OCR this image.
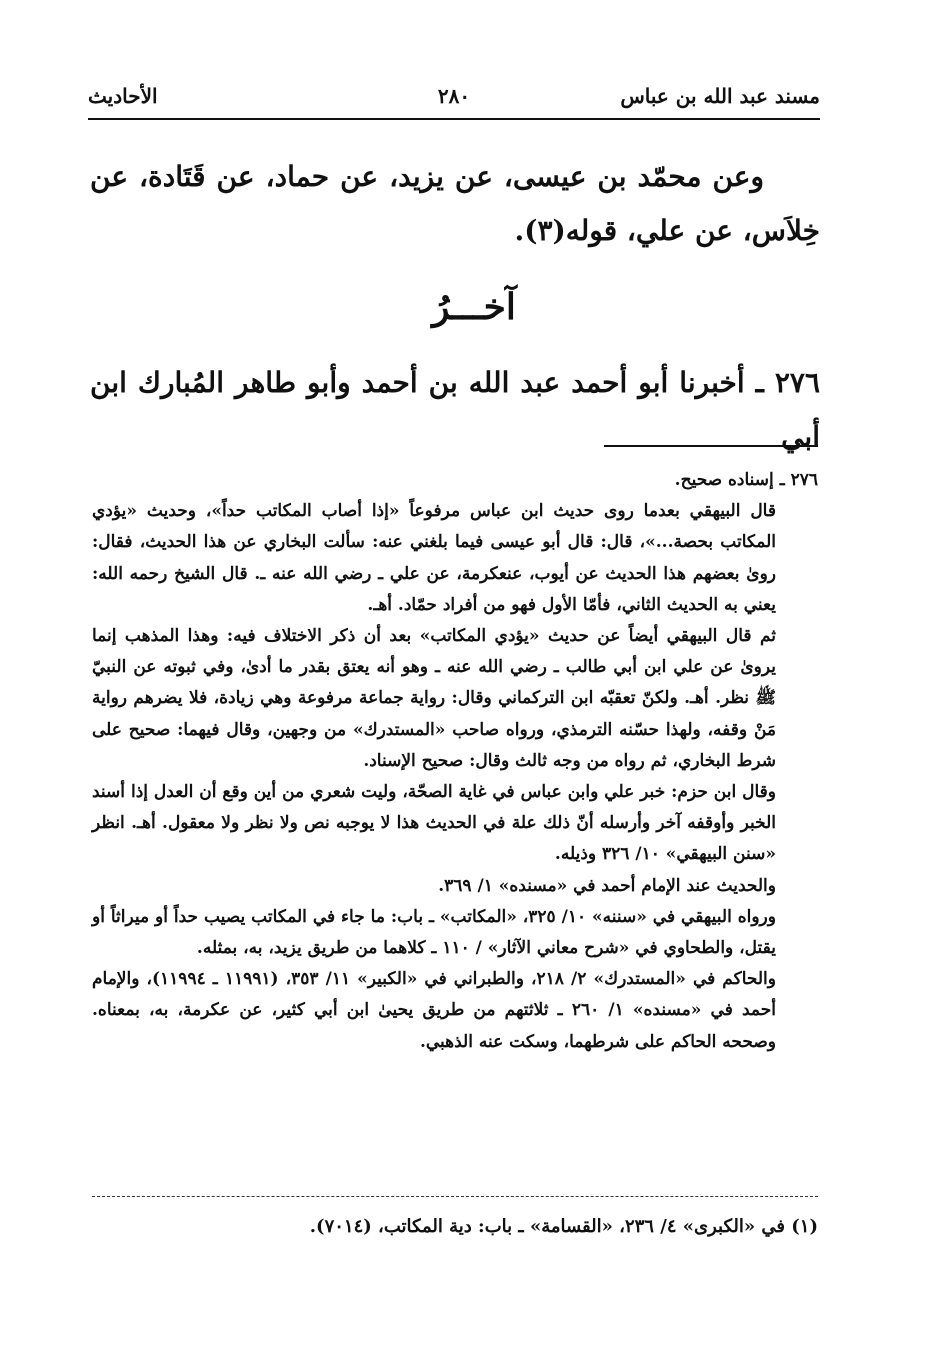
مسند عبد الله بن عباس
٢٨٠
الأحاديث

وعن محمّد بن عيسى، عن يزيد، عن حماد، عن قَتَادة، عن خِلاَس، عن علي، قوله(٣).

آخـــرُ
٢٧٦ ـ أخبرنا أبو أحمد عبد الله بن أحمد وأبو طاهر المُبارك ابن أبي

٢٧٦ ـ إسناده صحيح.

قال البيهقي بعدما روى حديث ابن عباس مرفوعاً «إذا أصاب المكاتب حداً»، وحديث «يؤدي المكاتب بحصة...»، قال: قال أبو عيسى فيما بلغني عنه: سألت البخاري عن هذا الحديث، فقال: روىٰ بعضهم هذا الحديث عن أيوب، عنعكرمة، عن علي ـ رضي الله عنه ـ. قال الشيخ رحمه الله: يعني به الحديث الثاني، فأمّا الأول فهو من أفراد حمّاد. أهـ.

ثم قال البيهقي أيضاً عن حديث «يؤدي المكاتب» بعد أن ذكر الاختلاف فيه: وهذا المذهب إنما يروىٰ عن علي ابن أبي طالب ـ رضي الله عنه ـ وهو أنه يعتق بقدر ما أدىٰ، وفي ثبوته عن النبيّ ﷺ نظر. أهـ. ولكنّ تعقبّه ابن التركماني وقال: رواية جماعة مرفوعة وهي زيادة، فلا يضرهم رواية مَنْ وقفه، ولهذا حسّنه الترمذي، ورواه صاحب «المستدرك» من وجهين، وقال فيهما: صحيح على شرط البخاري، ثم رواه من وجه ثالث وقال: صحيح الإسناد.

وقال ابن حزم: خبر علي وابن عباس في غاية الصحّة، وليت شعري من أين وقع أن العدل إذا أسند الخبر وأوقفه آخر وأرسله أنّ ذلك علة في الحديث هذا لا يوجبه نص ولا نظر ولا معقول. أهـ. انظر «سنن البيهقي» ١٠/ ٣٢٦ وذيله.

والحديث عند الإمام أحمد في «مسنده» ١/ ٣٦٩.

ورواه البيهقي في «سننه» ١٠/ ٣٢٥، «المكاتب» ـ باب: ما جاء في المكاتب يصيب حداً أو ميراثاً أو يقتل، والطحاوي في «شرح معاني الآثار» / ١١٠ ـ كلاهما من طريق يزيد، به، بمثله.

والحاكم في «المستدرك» ٢/ ٢١٨، والطبراني في «الكبير» ١١/ ٣٥٣، (١١٩٩١ ـ ١١٩٩٤)، والإمام أحمد في «مسنده» ١/ ٢٦٠ ـ ثلاثتهم من طريق يحيىٰ ابن أبي كثير، عن عكرمة، به، بمعناه. وصححه الحاكم على شرطهما، وسكت عنه الذهبي.

(١) في «الكبرى» ٤/ ٢٣٦، «القسامة» ـ باب: دية المكاتب، (٧٠١٤).
